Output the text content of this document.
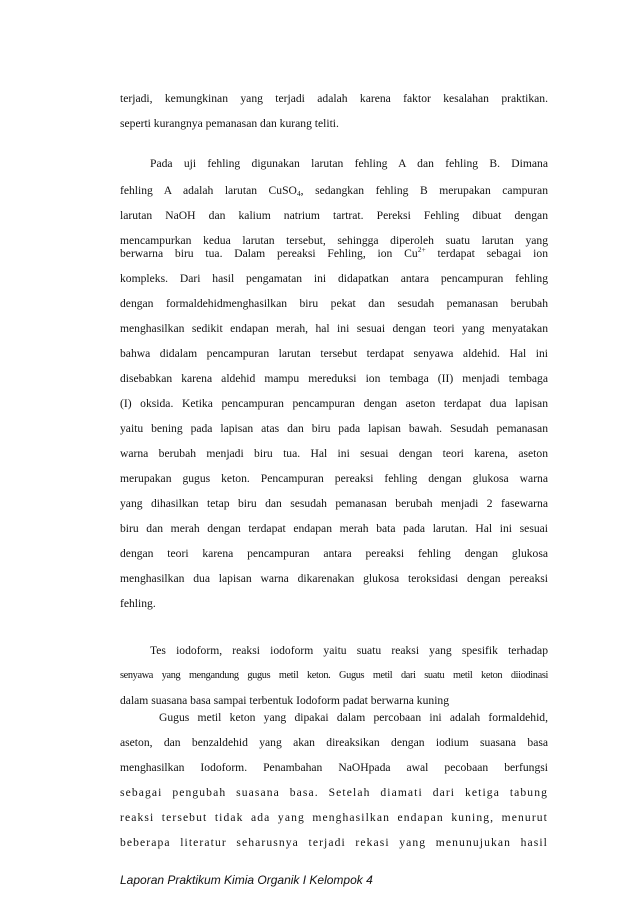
terjadi, kemungkinan yang terjadi adalah karena faktor kesalahan praktikan.
seperti kurangnya pemanasan dan kurang teliti.
Pada uji fehling digunakan larutan fehling A dan fehling B. Dimana
fehling A adalah larutan CuSO$_4$, sedangkan fehling B merupakan campuran
larutan NaOH dan kalium natrium tartrat. Pereksi Fehling dibuat dengan
mencampurkan kedua larutan tersebut, sehingga diperoleh suatu larutan yang
berwarna biru tua. Dalam pereaksi Fehling, ion $Cu^{2+}$ terdapat sebagai ion
kompleks. Dari hasil pengamatan ini didapatkan antara pencampuran fehling
dengan formaldehidmenghasilkan biru pekat dan sesudah pemanasan berubah
menghasilkan sedikit endapan merah, hal ini sesuai dengan teori yang menyatakan
bahwa didalam pencampuran larutan tersebut terdapat senyawa aldehid. Hal ini
disebabkan karena aldehid mampu mereduksi ion tembaga (II) menjadi tembaga
(I) oksida. Ketika pencampuran pencampuran dengan aseton terdapat dua lapisan
yaitu bening pada lapisan atas dan biru pada lapisan bawah. Sesudah pemanasan
warna berubah menjadi biru tua. Hal ini sesuai dengan teori karena, aseton
merupakan gugus keton. Pencampuran pereaksi fehling dengan glukosa warna
yang dihasilkan tetap biru dan sesudah pemanasan berubah menjadi 2 fasewarna
biru dan merah dengan terdapat endapan merah bata pada larutan. Hal ini sesuai
dengan teori karena pencampuran antara pereaksi fehling dengan glukosa
menghasilkan dua lapisan warna dikarenakan glukosa teroksidasi dengan pereaksi
fehling.
Tes iodoform, reaksi iodoform yaitu suatu reaksi yang spesifik terhadap
senyawa yang mengandung gugus metil keton. Gugus metil dari suatu metil keton diiodinasi
dalam suasana basa sampai terbentuk Iodoform padat berwarna kuning
Gugus metil keton yang dipakai dalam percobaan ini adalah formaldehid,
aseton, dan benzaldehid yang akan direaksikan dengan iodium suasana basa
menghasilkan Iodoform. Penambahan NaOHpada awal pecobaan berfungsi
sebagai pengubah suasana basa. Setelah diamati dari ketiga tabung
reaksi tersebut tidak ada yang menghasilkan endapan kuning, menurut
beberapa literatur seharusnya terjadi rekasi yang menunujukan hasil
Laporan Praktikum Kimia Organik I Kelompok 4
